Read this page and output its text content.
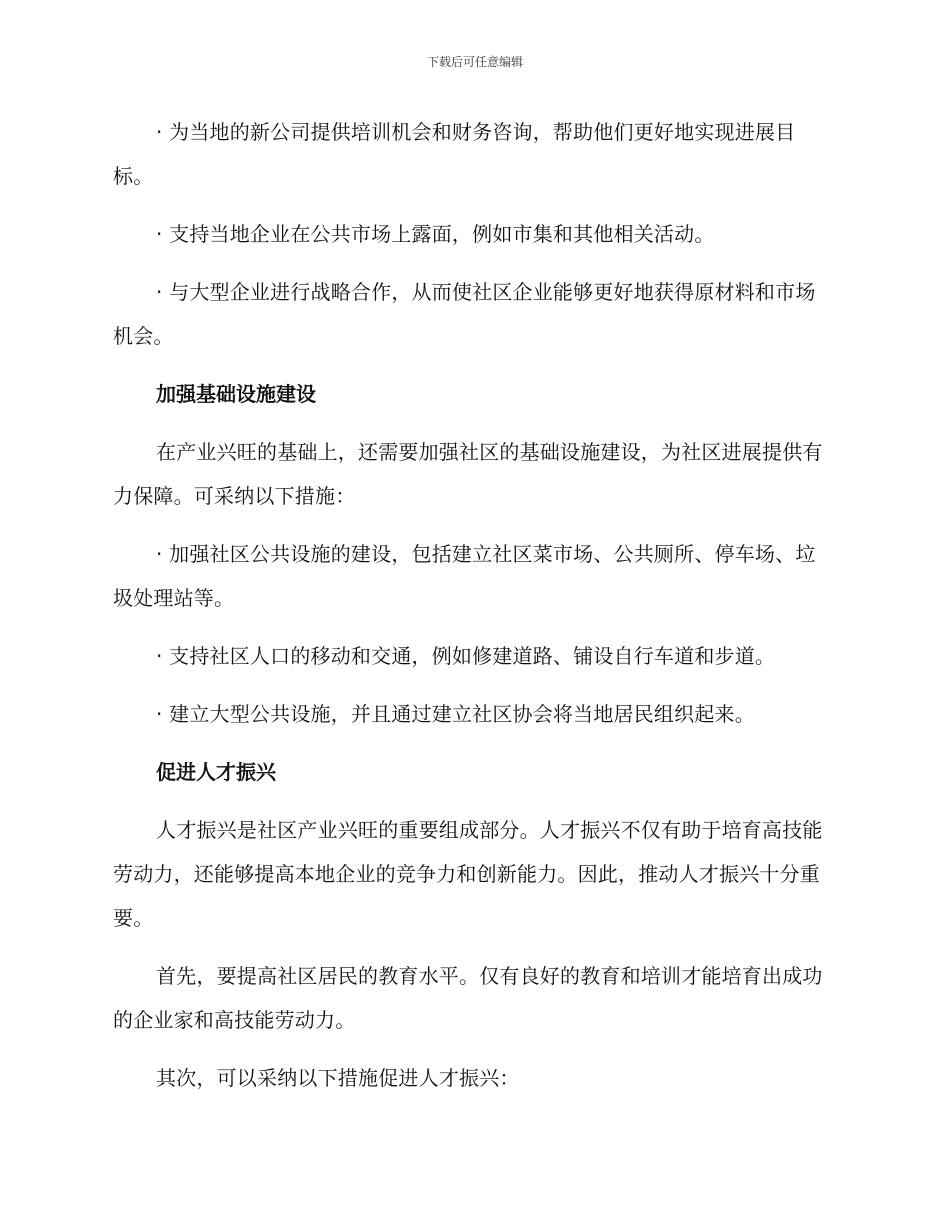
下载后可任意编辑

· 为当地的新公司提供培训机会和财务咨询，帮助他们更好地实现进展目标。

· 支持当地企业在公共市场上露面，例如市集和其他相关活动。

· 与大型企业进行战略合作，从而使社区企业能够更好地获得原材料和市场机会。

加强基础设施建设

在产业兴旺的基础上，还需要加强社区的基础设施建设，为社区进展提供有力保障。可采纳以下措施：

· 加强社区公共设施的建设，包括建立社区菜市场、公共厕所、停车场、垃圾处理站等。

· 支持社区人口的移动和交通，例如修建道路、铺设自行车道和步道。

· 建立大型公共设施，并且通过建立社区协会将当地居民组织起来。

促进人才振兴

人才振兴是社区产业兴旺的重要组成部分。人才振兴不仅有助于培育高技能劳动力，还能够提高本地企业的竞争力和创新能力。因此，推动人才振兴十分重要。

首先，要提高社区居民的教育水平。仅有良好的教育和培训才能培育出成功的企业家和高技能劳动力。

其次，可以采纳以下措施促进人才振兴：
